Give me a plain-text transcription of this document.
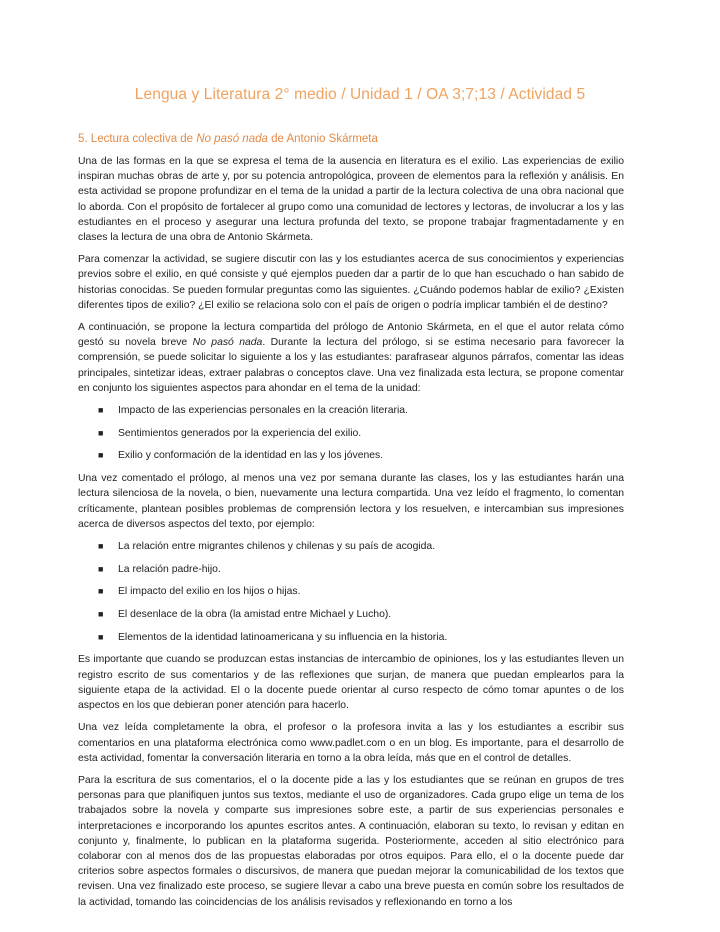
Lengua y Literatura 2° medio / Unidad 1 / OA 3;7;13 / Actividad 5
5. Lectura colectiva de No pasó nada de Antonio Skármeta

Una de las formas en la que se expresa el tema de la ausencia en literatura es el exilio. Las experiencias de exilio inspiran muchas obras de arte y, por su potencia antropológica, proveen de elementos para la reflexión y análisis. En esta actividad se propone profundizar en el tema de la unidad a partir de la lectura colectiva de una obra nacional que lo aborda. Con el propósito de fortalecer al grupo como una comunidad de lectores y lectoras, de involucrar a los y las estudiantes en el proceso y asegurar una lectura profunda del texto, se propone trabajar fragmentadamente y en clases la lectura de una obra de Antonio Skármeta.

Para comenzar la actividad, se sugiere discutir con las y los estudiantes acerca de sus conocimientos y experiencias previos sobre el exilio, en qué consiste y qué ejemplos pueden dar a partir de lo que han escuchado o han sabido de historias conocidas. Se pueden formular preguntas como las siguientes. ¿Cuándo podemos hablar de exilio? ¿Existen diferentes tipos de exilio? ¿El exilio se relaciona solo con el país de origen o podría implicar también el de destino?

A continuación, se propone la lectura compartida del prólogo de Antonio Skármeta, en el que el autor relata cómo gestó su novela breve No pasó nada. Durante la lectura del prólogo, si se estima necesario para favorecer la comprensión, se puede solicitar lo siguiente a los y las estudiantes: parafrasear algunos párrafos, comentar las ideas principales, sintetizar ideas, extraer palabras o conceptos clave. Una vez finalizada esta lectura, se propone comentar en conjunto los siguientes aspectos para ahondar en el tema de la unidad:

■ Impacto de las experiencias personales en la creación literaria.
■ Sentimientos generados por la experiencia del exilio.
■ Exilio y conformación de la identidad en las y los jóvenes.

Una vez comentado el prólogo, al menos una vez por semana durante las clases, los y las estudiantes harán una lectura silenciosa de la novela, o bien, nuevamente una lectura compartida. Una vez leído el fragmento, lo comentan críticamente, plantean posibles problemas de comprensión lectora y los resuelven, e intercambian sus impresiones acerca de diversos aspectos del texto, por ejemplo:

■ La relación entre migrantes chilenos y chilenas y su país de acogida.
■ La relación padre-hijo.
■ El impacto del exilio en los hijos o hijas.
■ El desenlace de la obra (la amistad entre Michael y Lucho).
■ Elementos de la identidad latinoamericana y su influencia en la historia.

Es importante que cuando se produzcan estas instancias de intercambio de opiniones, los y las estudiantes lleven un registro escrito de sus comentarios y de las reflexiones que surjan, de manera que puedan emplearlos para la siguiente etapa de la actividad. El o la docente puede orientar al curso respecto de cómo tomar apuntes o de los aspectos en los que debieran poner atención para hacerlo.

Una vez leída completamente la obra, el profesor o la profesora invita a las y los estudiantes a escribir sus comentarios en una plataforma electrónica como www.padlet.com o en un blog. Es importante, para el desarrollo de esta actividad, fomentar la conversación literaria en torno a la obra leída, más que en el control de detalles.

Para la escritura de sus comentarios, el o la docente pide a las y los estudiantes que se reúnan en grupos de tres personas para que planifiquen juntos sus textos, mediante el uso de organizadores. Cada grupo elige un tema de los trabajados sobre la novela y comparte sus impresiones sobre este, a partir de sus experiencias personales e interpretaciones e incorporando los apuntes escritos antes. A continuación, elaboran su texto, lo revisan y editan en conjunto y, finalmente, lo publican en la plataforma sugerida. Posteriormente, acceden al sitio electrónico para colaborar con al menos dos de las propuestas elaboradas por otros equipos. Para ello, el o la docente puede dar criterios sobre aspectos formales o discursivos, de manera que puedan mejorar la comunicabilidad de los textos que revisen. Una vez finalizado este proceso, se sugiere llevar a cabo una breve puesta en común sobre los resultados de la actividad, tomando las coincidencias de los análisis revisados y reflexionando en torno a los
